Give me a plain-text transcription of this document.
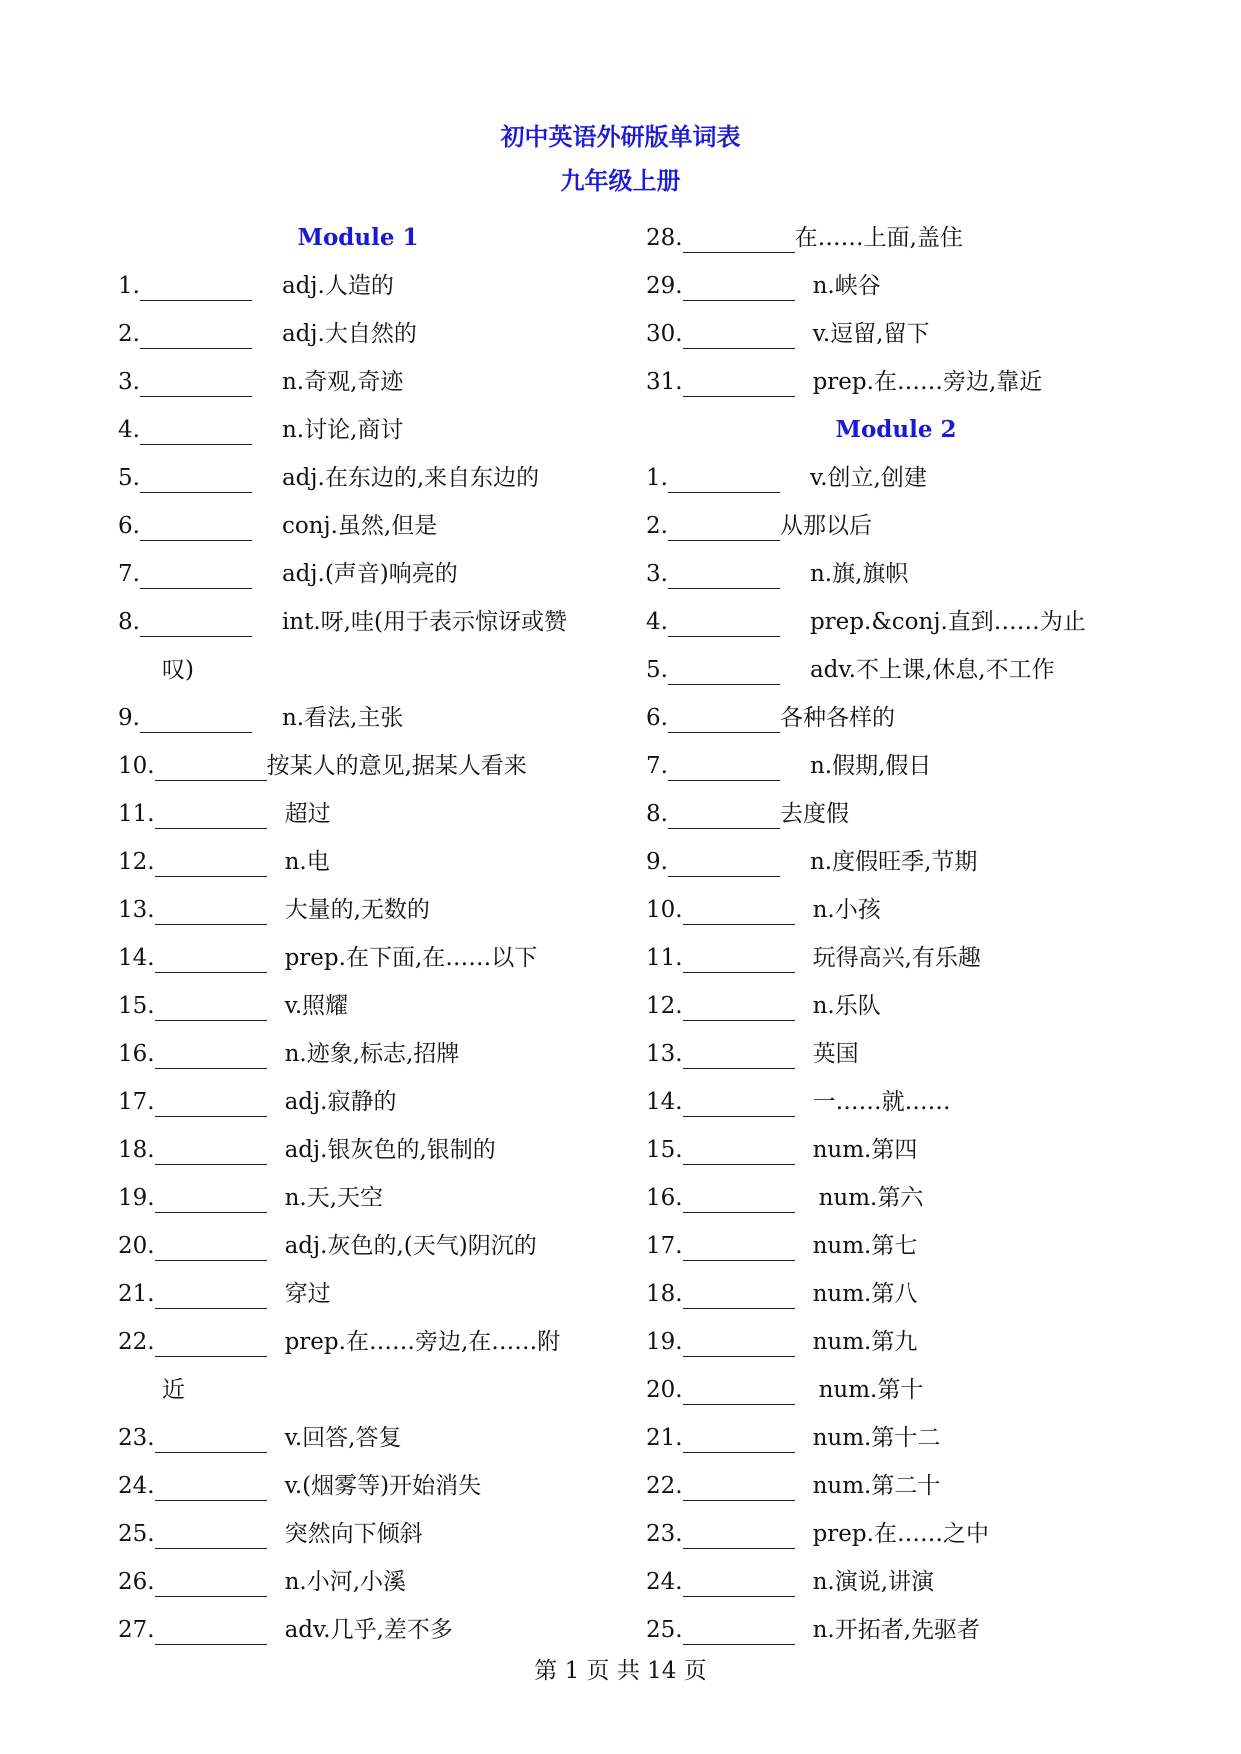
初中英语外研版单词表
九年级上册
Module 1
1.	adj.人造的
2.	adj.大自然的
3.	n.奇观,奇迹
4.	n.讨论,商讨
5.	adj.在东边的,来自东边的
6.	conj.虽然,但是
7.	adj.(声音)响亮的
8.	int.呀,哇(用于表示惊讶或赞
叹)
9.	n.看法,主张
10.	按某人的意见,据某人看来
11.	超过
12.	n.电
13.	大量的,无数的
14.	prep.在下面,在……以下
15.	v.照耀
16.	n.迹象,标志,招牌
17.	adj.寂静的
18.	adj.银灰色的,银制的
19.	n.天,天空
20.	adj.灰色的,(天气)阴沉的
21.	穿过
22.	prep.在……旁边,在……附
近
23.	v.回答,答复
24.	v.(烟雾等)开始消失
25.	突然向下倾斜
26.	n.小河,小溪
27.	adv.几乎,差不多
28.	在……上面,盖住
29.	n.峡谷
30.	v.逗留,留下
31.	prep.在……旁边,靠近
Module 2
1.	v.创立,创建
2.	从那以后
3.	n.旗,旗帜
4.	prep.&conj.直到……为止
5.	adv.不上课,休息,不工作
6.	各种各样的
7.	n.假期,假日
8.	去度假
9.	n.度假旺季,节期
10.	n.小孩
11.	玩得高兴,有乐趣
12.	n.乐队
13.	英国
14.	一……就……
15.	num.第四
16.	num.第六
17.	num.第七
18.	num.第八
19.	num.第九
20.	num.第十
21.	num.第十二
22.	num.第二十
23.	prep.在……之中
24.	n.演说,讲演
25.	n.开拓者,先驱者
第 1 页 共 14 页
